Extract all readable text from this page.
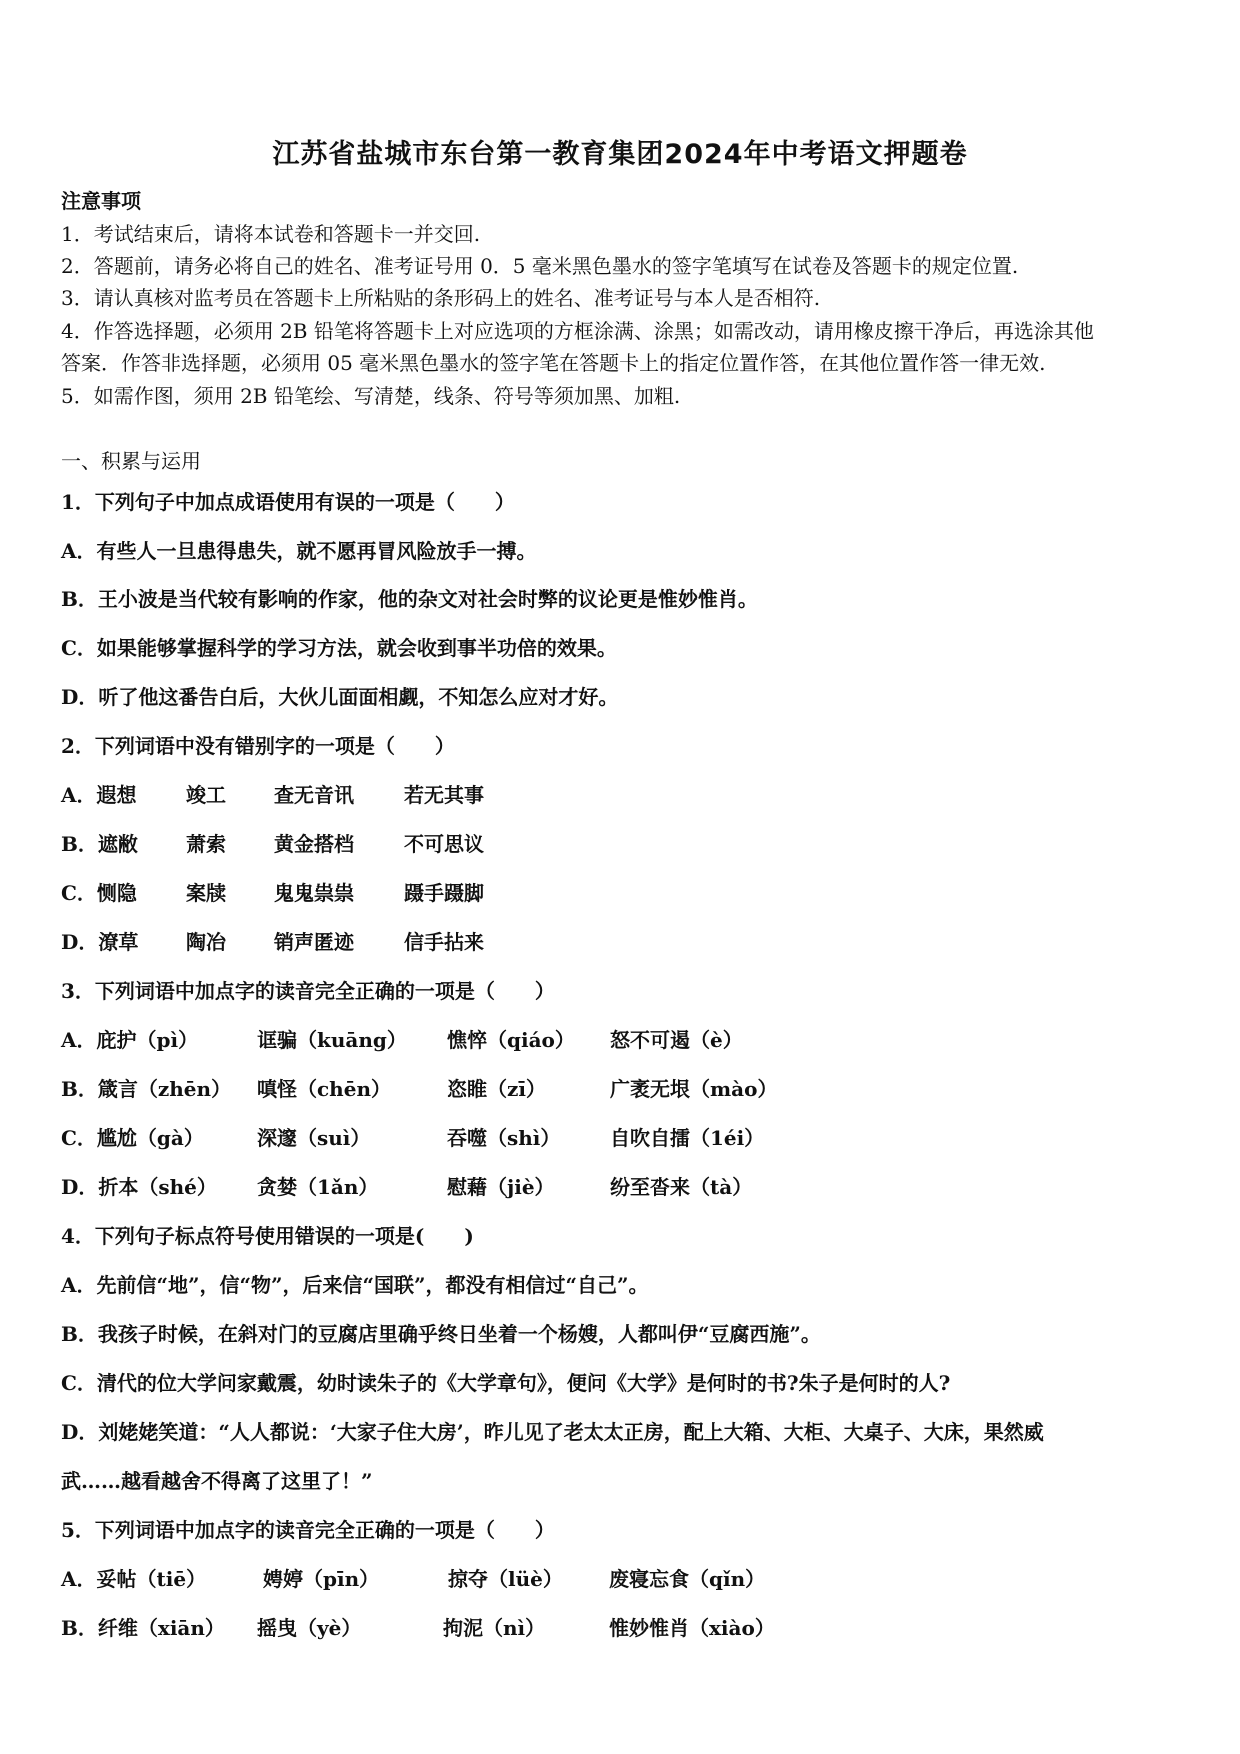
江苏省盐城市东台第一教育集团2024年中考语文押题卷
注意事项
1．考试结束后，请将本试卷和答题卡一并交回.
2．答题前，请务必将自己的姓名、准考证号用 0．5 毫米黑色墨水的签字笔填写在试卷及答题卡的规定位置.
3．请认真核对监考员在答题卡上所粘贴的条形码上的姓名、准考证号与本人是否相符.
4．作答选择题，必须用 2B 铅笔将答题卡上对应选项的方框涂满、涂黑；如需改动，请用橡皮擦干净后，再选涂其他
答案．作答非选择题，必须用 05 毫米黑色墨水的签字笔在答题卡上的指定位置作答，在其他位置作答一律无效.
5．如需作图，须用 2B 铅笔绘、写清楚，线条、符号等须加黑、加粗.
一、积累与运用
1．下列句子中加点成语使用有误的一项是（　　）
A．有些人一旦患得患失，就不愿再冒风险放手一搏。
B．王小波是当代较有影响的作家，他的杂文对社会时弊的议论更是惟妙惟肖。
C．如果能够掌握科学的学习方法，就会收到事半功倍的效果。
D．听了他这番告白后，大伙儿面面相觑，不知怎么应对才好。
2．下列词语中没有错别字的一项是（　　）
A．遐想 竣工 查无音讯	若无其事
B．遮敝 萧索 黄金搭档	不可思议
C．恻隐 案牍 鬼鬼祟祟	蹑手蹑脚
D．潦草 陶冶 销声匿迹	信手拈来
3．下列词语中加点字的读音完全正确的一项是（　　）
A．庇护（pì）	诓骗（kuāng） 憔悴（qiáo） 怒不可遏（è）
B．箴言（zhēn） 嗔怪（chēn）	恣睢（zī）	广袤无垠（mào）
C．尴尬（gà）	深邃（suì）	吞噬（shì） 自吹自擂（1éi）
D．折本（shé） 贪婪（1ǎn）	慰藉（jiè）	纷至沓来（tà）
4．下列句子标点符号使用错误的一项是(　　)
A．先前信“地”，信“物”，后来信“国联”，都没有相信过“自己”。
B．我孩子时候，在斜对门的豆腐店里确乎终日坐着一个杨嫂，人都叫伊“豆腐西施”。
C．清代的位大学问家戴震，幼时读朱子的《大学章句》，便问《大学》是何时的书?朱子是何时的人?
D．刘姥姥笑道：“人人都说：‘大家子住大房’，昨儿见了老太太正房，配上大箱、大柜、大桌子、大床，果然威
武……越看越舍不得离了这里了！”
5．下列词语中加点字的读音完全正确的一项是（　　）
A．妥帖（tiē）	娉婷（pīn）	掠夺（lüè） 废寝忘食（qǐn）
B．纤维（xiān） 摇曳（yè）	拘泥（nì）	惟妙惟肖（xiào）
